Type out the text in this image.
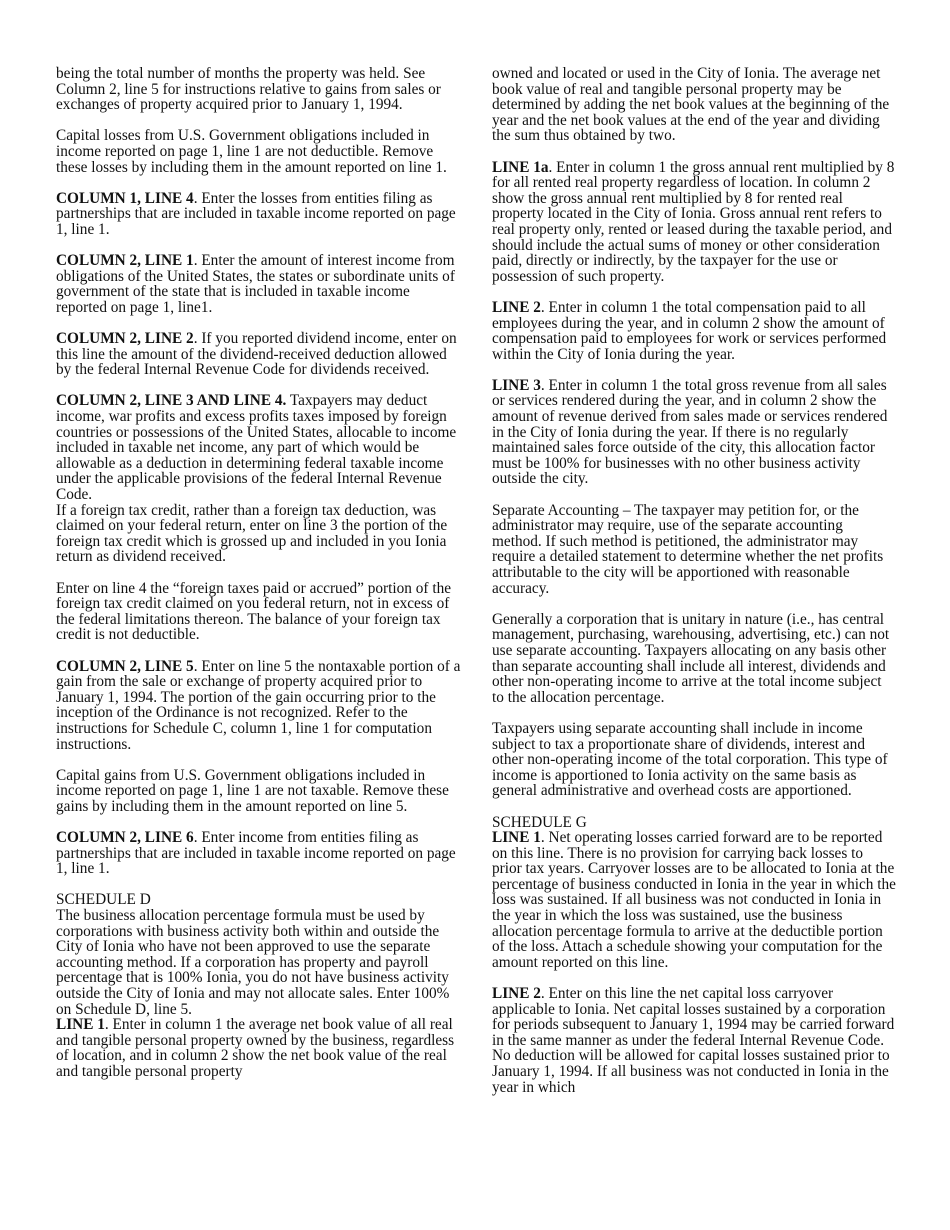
being the total number of months the property was held. See Column 2, line 5 for instructions relative to gains from sales or exchanges of property acquired prior to January 1, 1994.

Capital losses from U.S. Government obligations included in income reported on page 1, line 1 are not deductible. Remove these losses by including them in the amount reported on line 1.

COLUMN 1, LINE 4. Enter the losses from entities filing as partnerships that are included in taxable income reported on page 1, line 1.

COLUMN 2, LINE 1. Enter the amount of interest income from obligations of the United States, the states or subordinate units of government of the state that is included in taxable income reported on page 1, line1.

COLUMN 2, LINE 2. If you reported dividend income, enter on this line the amount of the dividend-received deduction allowed by the federal Internal Revenue Code for dividends received.

COLUMN 2, LINE 3 AND LINE 4. Taxpayers may deduct income, war profits and excess profits taxes imposed by foreign countries or possessions of the United States, allocable to income included in taxable net income, any part of which would be allowable as a deduction in determining federal taxable income under the applicable provisions of the federal Internal Revenue Code.

If a foreign tax credit, rather than a foreign tax deduction, was claimed on your federal return, enter on line 3 the portion of the foreign tax credit which is grossed up and included in you Ionia return as dividend received.

Enter on line 4 the “foreign taxes paid or accrued” portion of the foreign tax credit claimed on you federal return, not in excess of the federal limitations thereon. The balance of your foreign tax credit is not deductible.

COLUMN 2, LINE 5. Enter on line 5 the nontaxable portion of a gain from the sale or exchange of property acquired prior to January 1, 1994. The portion of the gain occurring prior to the inception of the Ordinance is not recognized. Refer to the instructions for Schedule C, column 1, line 1 for computation instructions.

Capital gains from U.S. Government obligations included in income reported on page 1, line 1 are not taxable. Remove these gains by including them in the amount reported on line 5.

COLUMN 2, LINE 6. Enter income from entities filing as partnerships that are included in taxable income reported on page 1, line 1.

SCHEDULE D
The business allocation percentage formula must be used by corporations with business activity both within and outside the City of Ionia who have not been approved to use the separate accounting method. If a corporation has property and payroll percentage that is 100% Ionia, you do not have business activity outside the City of Ionia and may not allocate sales. Enter 100% on Schedule D, line 5.
LINE 1. Enter in column 1 the average net book value of all real and tangible personal property owned by the business, regardless of location, and in column 2 show the net book value of the real and tangible personal property

owned and located or used in the City of Ionia. The average net book value of real and tangible personal property may be determined by adding the net book values at the beginning of the year and the net book values at the end of the year and dividing the sum thus obtained by two.

LINE 1a. Enter in column 1 the gross annual rent multiplied by 8 for all rented real property regardless of location. In column 2 show the gross annual rent multiplied by 8 for rented real property located in the City of Ionia. Gross annual rent refers to real property only, rented or leased during the taxable period, and should include the actual sums of money or other consideration paid, directly or indirectly, by the taxpayer for the use or possession of such property.

LINE 2. Enter in column 1 the total compensation paid to all employees during the year, and in column 2 show the amount of compensation paid to employees for work or services performed within the City of Ionia during the year.

LINE 3. Enter in column 1 the total gross revenue from all sales or services rendered during the year, and in column 2 show the amount of revenue derived from sales made or services rendered in the City of Ionia during the year. If there is no regularly maintained sales force outside of the city, this allocation factor must be 100% for businesses with no other business activity outside the city.

Separate Accounting – The taxpayer may petition for, or the administrator may require, use of the separate accounting method. If such method is petitioned, the administrator may require a detailed statement to determine whether the net profits attributable to the city will be apportioned with reasonable accuracy.

Generally a corporation that is unitary in nature (i.e., has central management, purchasing, warehousing, advertising, etc.) can not use separate accounting. Taxpayers allocating on any basis other than separate accounting shall include all interest, dividends and other non-operating income to arrive at the total income subject to the allocation percentage.

Taxpayers using separate accounting shall include in income subject to tax a proportionate share of dividends, interest and other non-operating income of the total corporation. This type of income is apportioned to Ionia activity on the same basis as general administrative and overhead costs are apportioned.

SCHEDULE G

LINE 1. Net operating losses carried forward are to be reported on this line. There is no provision for carrying back losses to prior tax years. Carryover losses are to be allocated to Ionia at the percentage of business conducted in Ionia in the year in which the loss was sustained. If all business was not conducted in Ionia in the year in which the loss was sustained, use the business allocation percentage formula to arrive at the deductible portion of the loss. Attach a schedule showing your computation for the amount reported on this line.

LINE 2. Enter on this line the net capital loss carryover applicable to Ionia. Net capital losses sustained by a corporation for periods subsequent to January 1, 1994 may be carried forward in the same manner as under the federal Internal Revenue Code. No deduction will be allowed for capital losses sustained prior to January 1, 1994. If all business was not conducted in Ionia in the year in which
